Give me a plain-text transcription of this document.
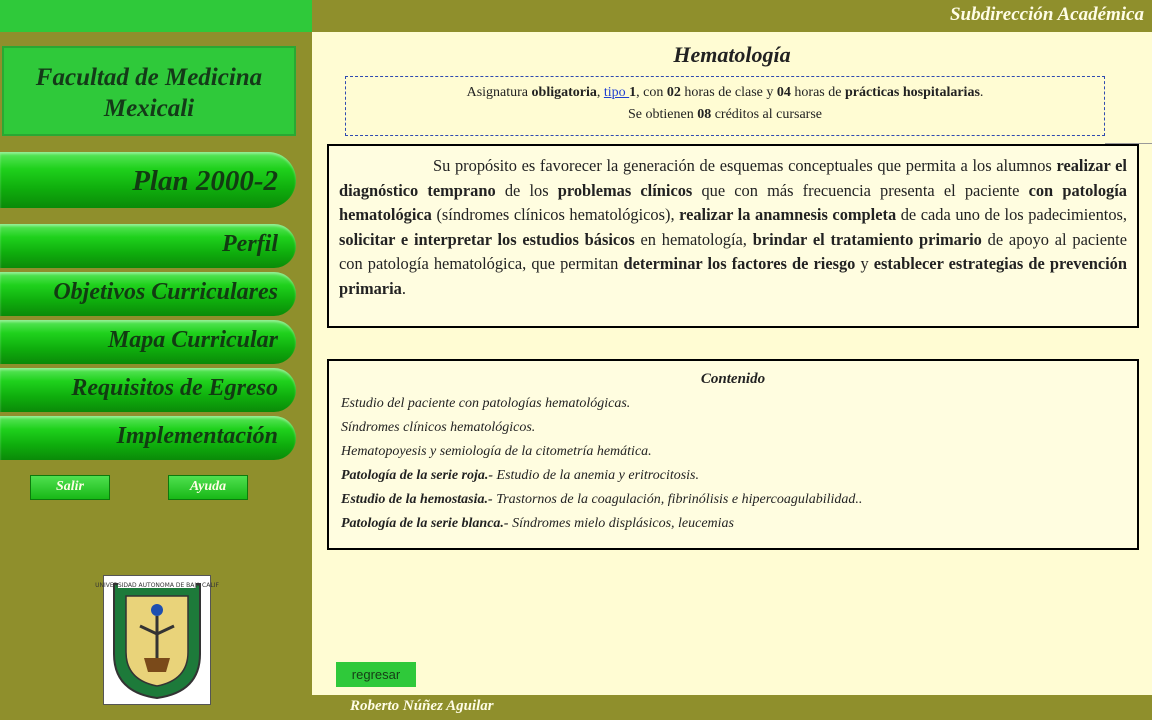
Subdirección Académica
Facultad de Medicina
Mexicali
Plan 2000-2
Perfil
Objetivos Curriculares
Mapa Curricular
Requisitos de Egreso
Implementación
Salir	Ayuda
UNIVERSIDAD AUTONOMA DE BAJA CALIF
Hematología
Asignatura obligatoria, tipo 1, con 02 horas de clase y 04 horas de prácticas hospitalarias.
Se obtienen 08 créditos al cursarse
Su propósito es favorecer la generación de esquemas conceptuales que permita a los alumnos realizar el diagnóstico temprano de los problemas clínicos que con más frecuencia presenta el paciente con patología hematológica (síndromes clínicos hematológicos), realizar la anamnesis completa de cada uno de los padecimientos, solicitar e interpretar los estudios básicos en hematología, brindar el tratamiento primario de apoyo al paciente con patología hematológica, que permitan determinar los factores de riesgo y establecer estrategias de prevención primaria.
Contenido
Estudio del paciente con patologías hematológicas.
Síndromes clínicos hematológicos.
Hematopoyesis y semiología de la citometría hemática.
Patología de la serie roja.- Estudio de la anemia y eritrocitosis.
Estudio de la hemostasia.- Trastornos de la coagulación, fibrinólisis e hipercoagulabilidad..
Patología de la serie blanca.- Síndromes mielo displásicos, leucemias
regresar
Roberto Núñez Aguilar
